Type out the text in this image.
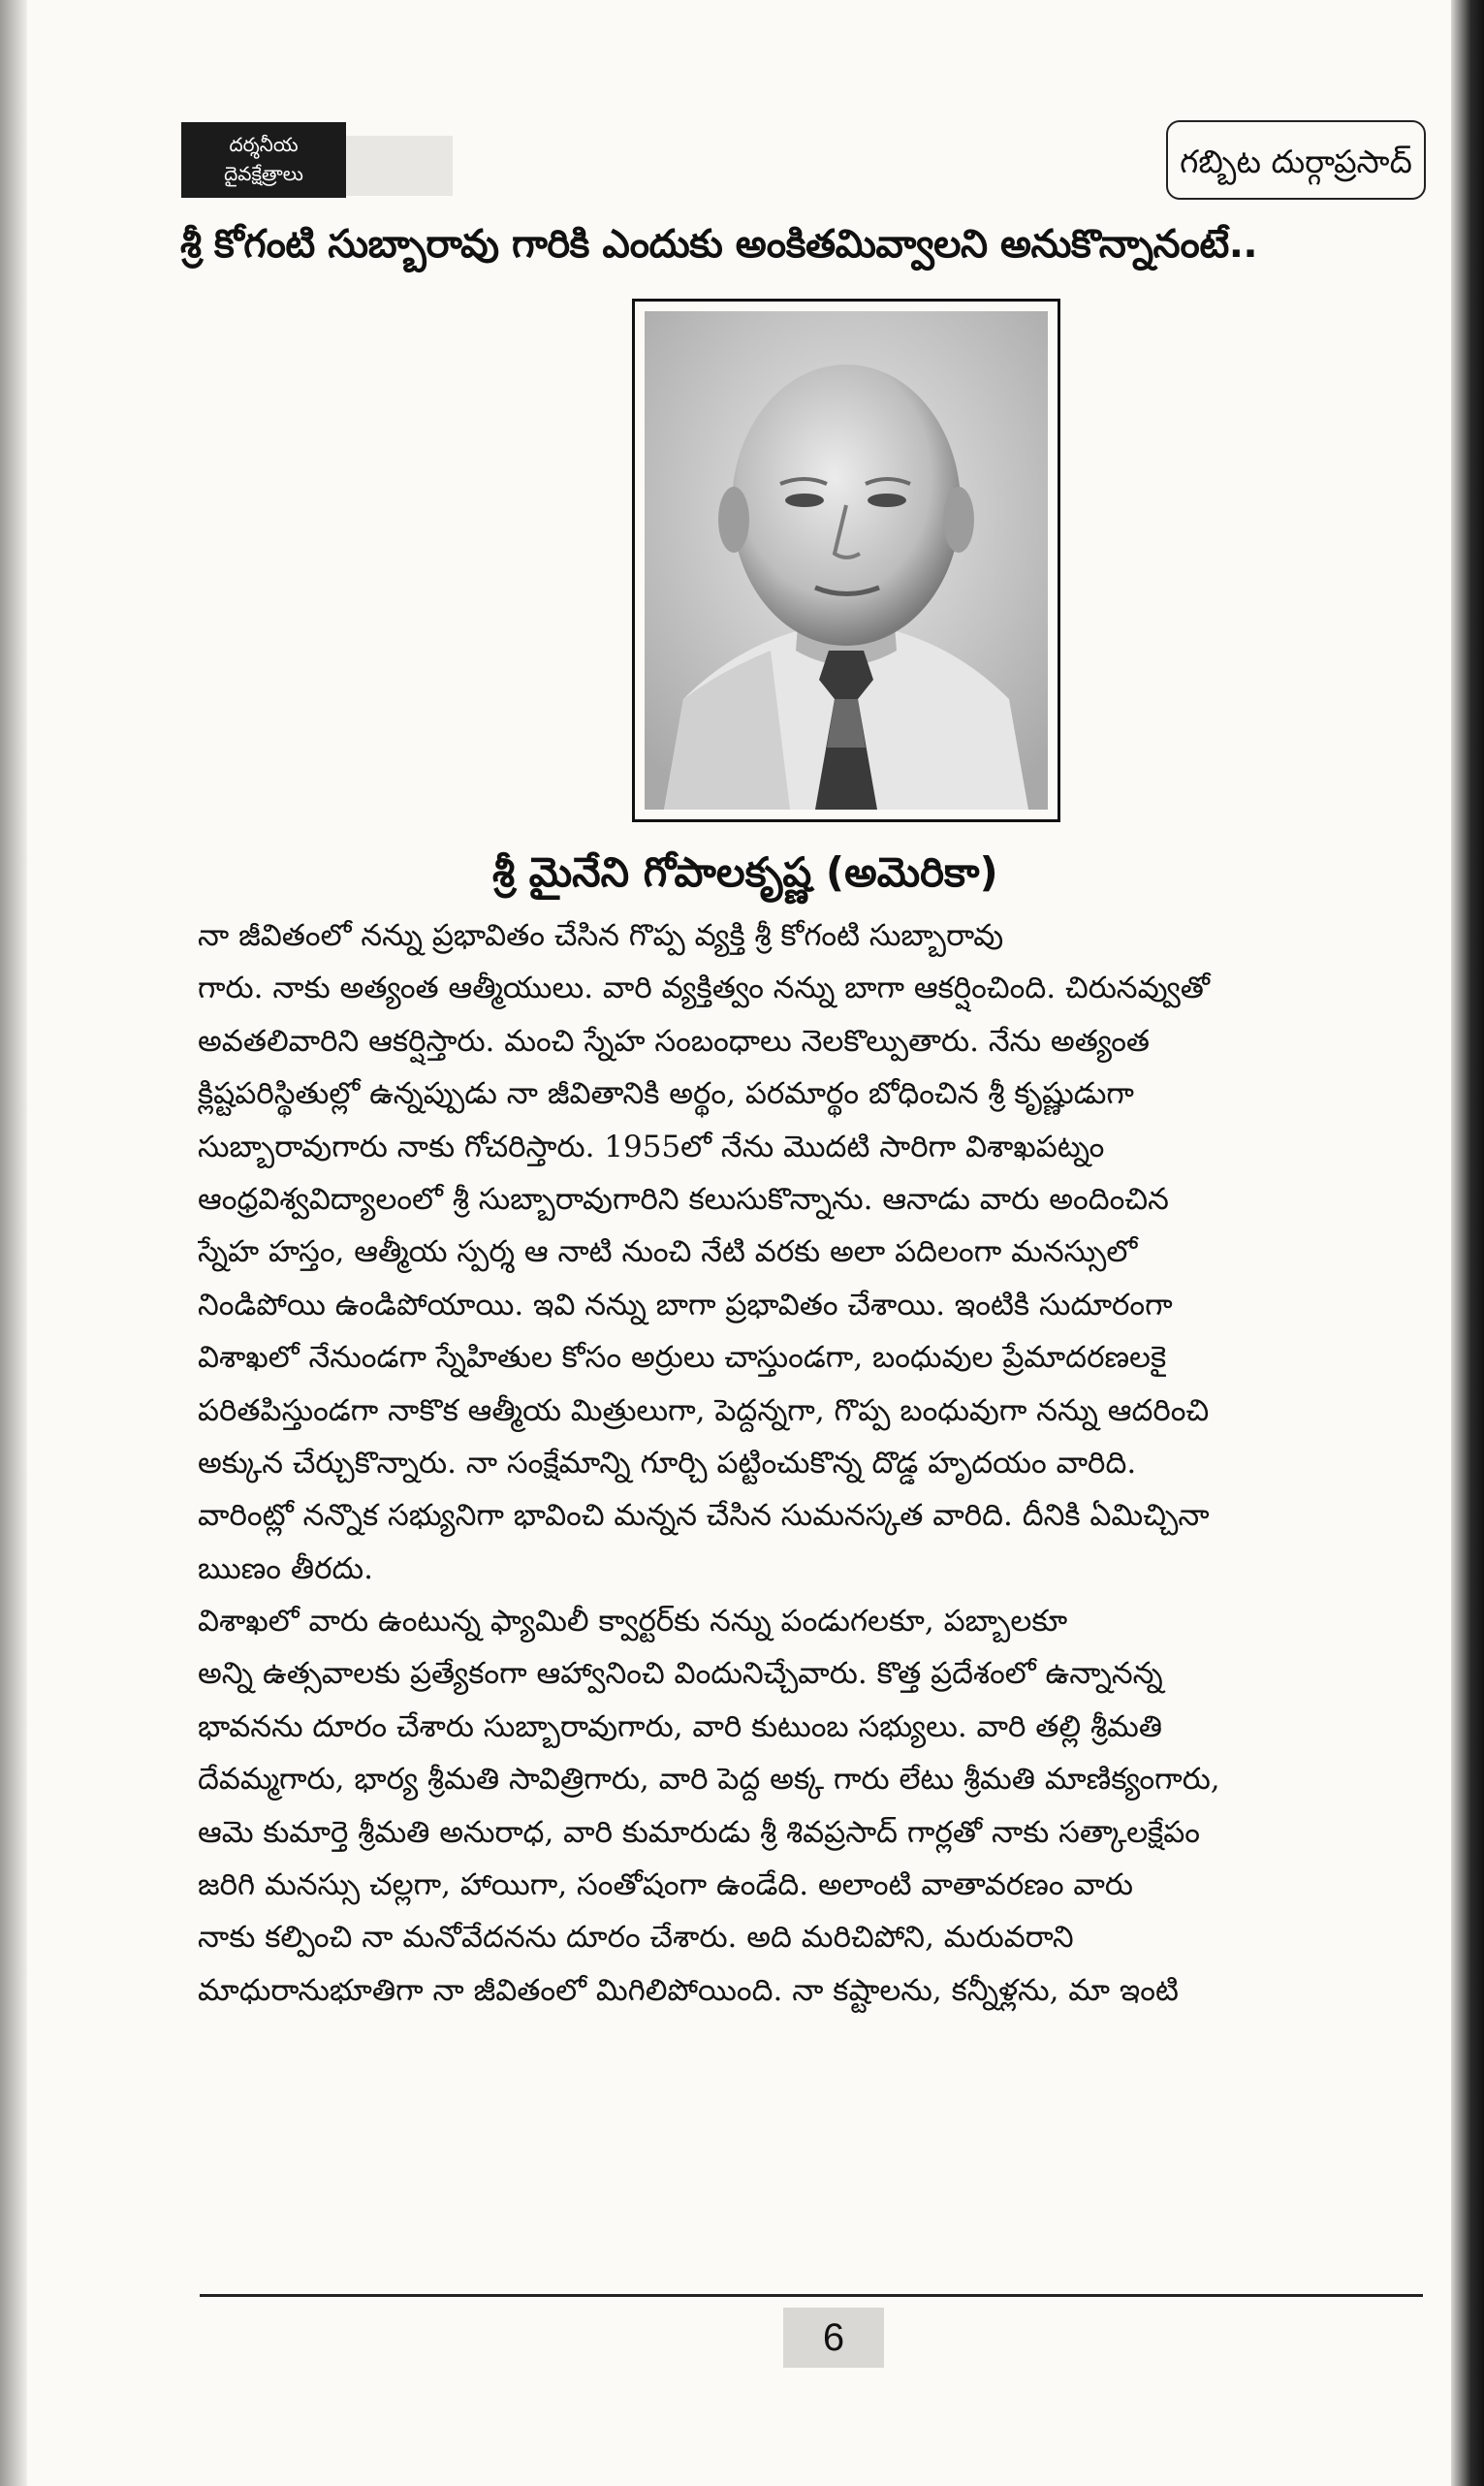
దర్శనీయ
దైవక్షేత్రాలు	గబ్బిట దుర్గాప్రసాద్
శ్రీ కోగంటి సుబ్బారావు గారికి ఎందుకు అంకితమివ్వాలని అనుకొన్నానంటే..
శ్రీ మైనేని గోపాలకృష్ణ (అమెరికా)
నా జీవితంలో నన్ను ప్రభావితం చేసిన గొప్ప వ్యక్తి శ్రీ కోగంటి సుబ్బారావు
గారు. నాకు అత్యంత ఆత్మీయులు. వారి వ్యక్తిత్వం నన్ను బాగా ఆకర్షించింది. చిరునవ్వుతో
అవతలివారిని ఆకర్షిస్తారు. మంచి స్నేహ సంబంధాలు నెలకొల్పుతారు. నేను అత్యంత
క్లిష్టపరిస్థితుల్లో ఉన్నప్పుడు నా జీవితానికి అర్థం, పరమార్థం బోధించిన శ్రీ కృష్ణుడుగా
సుబ్బారావుగారు నాకు గోచరిస్తారు. 1955లో నేను మొదటి సారిగా విశాఖపట్నం
ఆంధ్రవిశ్వవిద్యాలంలో శ్రీ సుబ్బారావుగారిని కలుసుకొన్నాను. ఆనాడు వారు అందించిన
స్నేహ హస్తం, ఆత్మీయ స్పర్శ ఆ నాటి నుంచి నేటి వరకు అలా పదిలంగా మనస్సులో
నిండిపోయి ఉండిపోయాయి. ఇవి నన్ను బాగా ప్రభావితం చేశాయి. ఇంటికి సుదూరంగా
విశాఖలో నేనుండగా స్నేహితుల కోసం అర్రులు చాస్తుండగా, బంధువుల ప్రేమాదరణలకై
పరితపిస్తుండగా నాకొక ఆత్మీయ మిత్రులుగా, పెద్దన్నగా, గొప్ప బంధువుగా నన్ను ఆదరించి
అక్కున చేర్చుకొన్నారు. నా సంక్షేమాన్ని గూర్చి పట్టించుకొన్న దొడ్డ హృదయం వారిది.
వారింట్లో నన్నొక సభ్యునిగా భావించి మన్నన చేసిన సుమనస్కత వారిది. దీనికి ఏమిచ్చినా
ఋణం తీరదు.
విశాఖలో వారు ఉంటున్న ఫ్యామిలీ క్వార్టర్‌కు నన్ను పండుగలకూ, పబ్బాలకూ
అన్ని ఉత్సవాలకు ప్రత్యేకంగా ఆహ్వానించి విందునిచ్చేవారు. కొత్త ప్రదేశంలో ఉన్నానన్న
భావనను దూరం చేశారు సుబ్బారావుగారు, వారి కుటుంబ సభ్యులు. వారి తల్లి శ్రీమతి
దేవమ్మగారు, భార్య శ్రీమతి సావిత్రిగారు, వారి పెద్ద అక్క గారు లేటు శ్రీమతి మాణిక్యంగారు,
ఆమె కుమార్తె శ్రీమతి అనురాధ, వారి కుమారుడు శ్రీ శివప్రసాద్ గార్లతో నాకు సత్కాలక్షేపం
జరిగి మనస్సు చల్లగా, హాయిగా, సంతోషంగా ఉండేది. అలాంటి వాతావరణం వారు
నాకు కల్పించి నా మనోవేదనను దూరం చేశారు. అది మరిచిపోని, మరువరాని
మాధురానుభూతిగా నా జీవితంలో మిగిలిపోయింది. నా కష్టాలను, కన్నీళ్లను, మా ఇంటి
6
